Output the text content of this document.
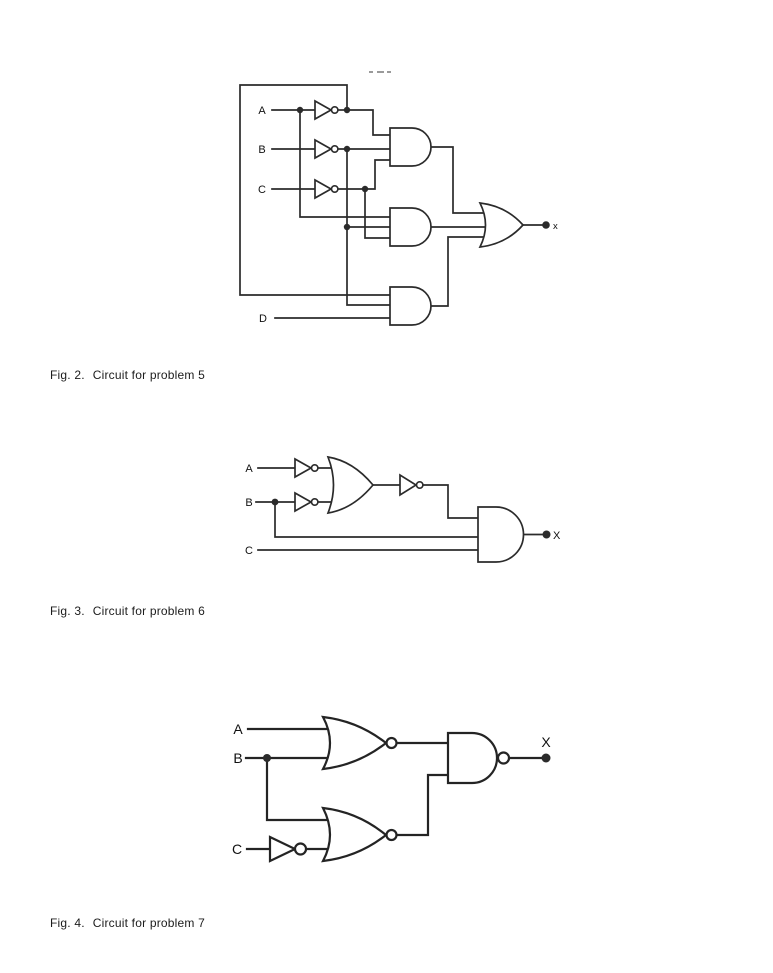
A
B
C
D
x
Fig. 2. Circuit for problem 5
A
B
C
X
Fig. 3. Circuit for problem 6
A
B
C
X
Fig. 4. Circuit for problem 7
